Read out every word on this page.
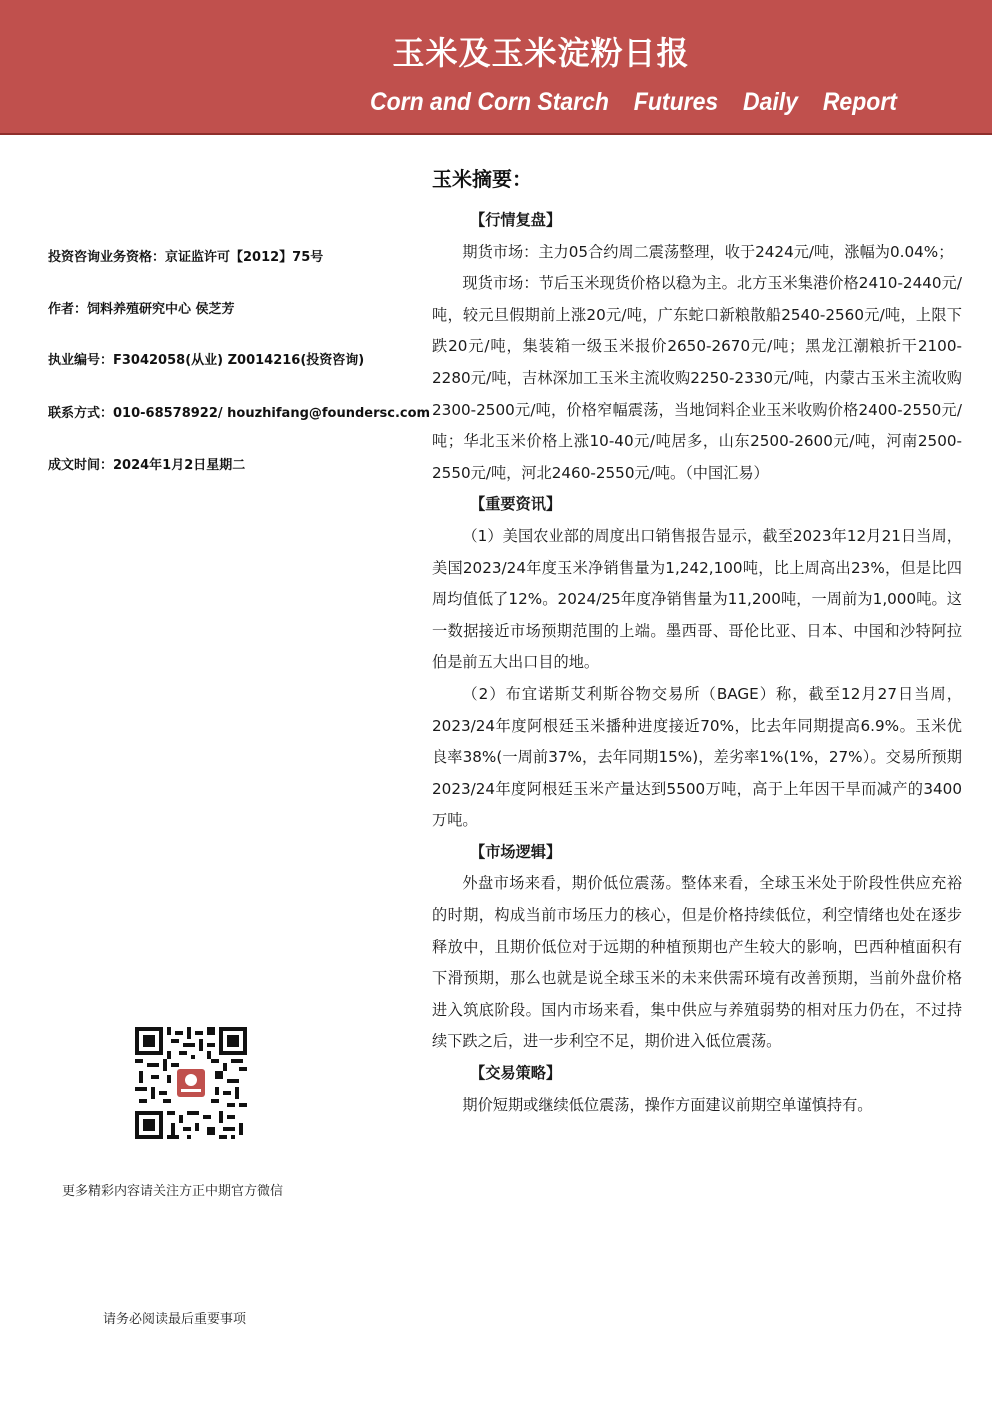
玉米及玉米淀粉日报
Corn and Corn Starch Futures Daily Report
投资咨询业务资格：京证监许可【2012】75号
作者：饲料养殖研究中心 侯芝芳
执业编号：F3042058(从业) Z0014216(投资咨询)
联系方式：010-68578922/ houzhifang@foundersc.com
成文时间：2024年1月2日星期二
更多精彩内容请关注方正中期官方微信
请务必阅读最后重要事项
玉米摘要：

【行情复盘】

期货市场：主力05合约周二震荡整理，收于2424元/吨，涨幅为0.04%；

现货市场：节后玉米现货价格以稳为主。北方玉米集港价格2410-2440元/吨，较元旦假期前上涨20元/吨，广东蛇口新粮散船2540-2560元/吨，上限下跌20元/吨，集装箱一级玉米报价2650-2670元/吨；黑龙江潮粮折干2100-2280元/吨，吉林深加工玉米主流收购2250-2330元/吨，内蒙古玉米主流收购2300-2500元/吨，价格窄幅震荡，当地饲料企业玉米收购价格2400-2550元/吨；华北玉米价格上涨10-40元/吨居多，山东2500-2600元/吨，河南2500-2550元/吨，河北2460-2550元/吨。（中国汇易）

【重要资讯】

（1）美国农业部的周度出口销售报告显示，截至2023年12月21日当周，美国2023/24年度玉米净销售量为1,242,100吨，比上周高出23%，但是比四周均值低了12%。2024/25年度净销售量为11,200吨，一周前为1,000吨。这一数据接近市场预期范围的上端。墨西哥、哥伦比亚、日本、中国和沙特阿拉伯是前五大出口目的地。

（2）布宜诺斯艾利斯谷物交易所（BAGE）称，截至12月27日当周，2023/24年度阿根廷玉米播种进度接近70%，比去年同期提高6.9%。玉米优良率38%(一周前37%，去年同期15%)，差劣率1%(1%，27%）。交易所预期2023/24年度阿根廷玉米产量达到5500万吨，高于上年因干旱而减产的3400万吨。

【市场逻辑】

外盘市场来看，期价低位震荡。整体来看，全球玉米处于阶段性供应充裕的时期，构成当前市场压力的核心，但是价格持续低位，利空情绪也处在逐步释放中，且期价低位对于远期的种植预期也产生较大的影响，巴西种植面积有下滑预期，那么也就是说全球玉米的未来供需环境有改善预期，当前外盘价格进入筑底阶段。国内市场来看，集中供应与养殖弱势的相对压力仍在，不过持续下跌之后，进一步利空不足，期价进入低位震荡。

【交易策略】

期价短期或继续低位震荡，操作方面建议前期空单谨慎持有。
